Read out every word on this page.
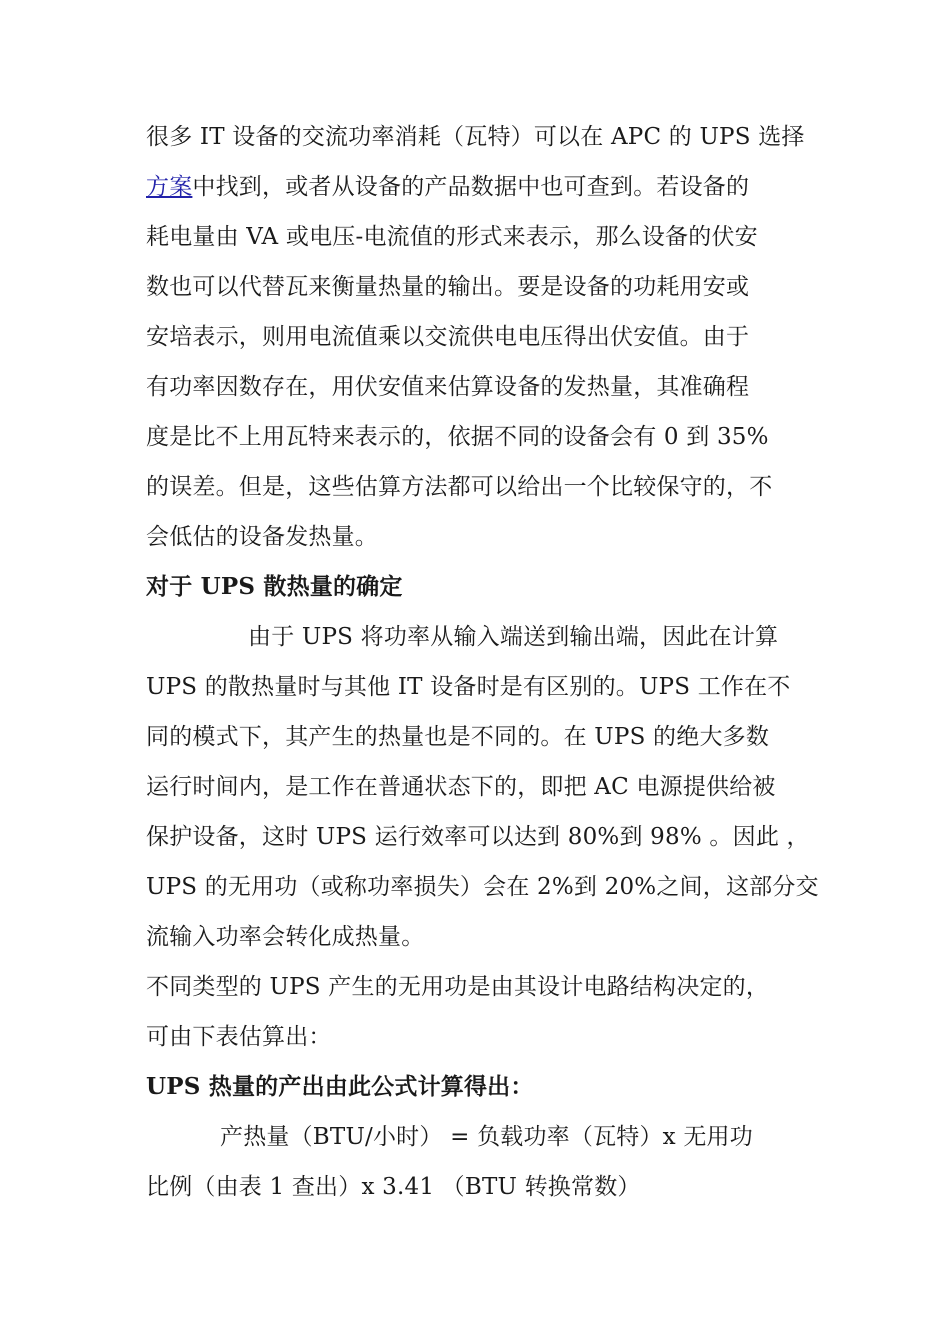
很多 IT 设备的交流功率消耗（瓦特）可以在 APC 的 UPS 选择
方案中找到，或者从设备的产品数据中也可查到。若设备的
耗电量由 VA 或电压-电流值的形式来表示，那么设备的伏安
数也可以代替瓦来衡量热量的输出。要是设备的功耗用安或
安培表示，则用电流值乘以交流供电电压得出伏安值。由于
有功率因数存在，用伏安值来估算设备的发热量，其准确程
度是比不上用瓦特来表示的，依据不同的设备会有 0 到 35%
的误差。但是，这些估算方法都可以给出一个比较保守的，不
会低估的设备发热量。
对于 UPS 散热量的确定
由于 UPS 将功率从输入端送到输出端，因此在计算
UPS 的散热量时与其他 IT 设备时是有区别的。UPS 工作在不
同的模式下，其产生的热量也是不同的。在 UPS 的绝大多数
运行时间内，是工作在普通状态下的，即把 AC 电源提供给被
保护设备，这时 UPS 运行效率可以达到 80%到 98% 。因此 ，
UPS 的无用功（或称功率损失）会在 2%到 20%之间，这部分交
流输入功率会转化成热量。
不同类型的 UPS 产生的无用功是由其设计电路结构决定的，
可由下表估算出：
UPS 热量的产出由此公式计算得出：
产热量（BTU/小时） = 负载功率（瓦特）x 无用功
比例（由表 1 查出）x 3.41 （BTU 转换常数）
